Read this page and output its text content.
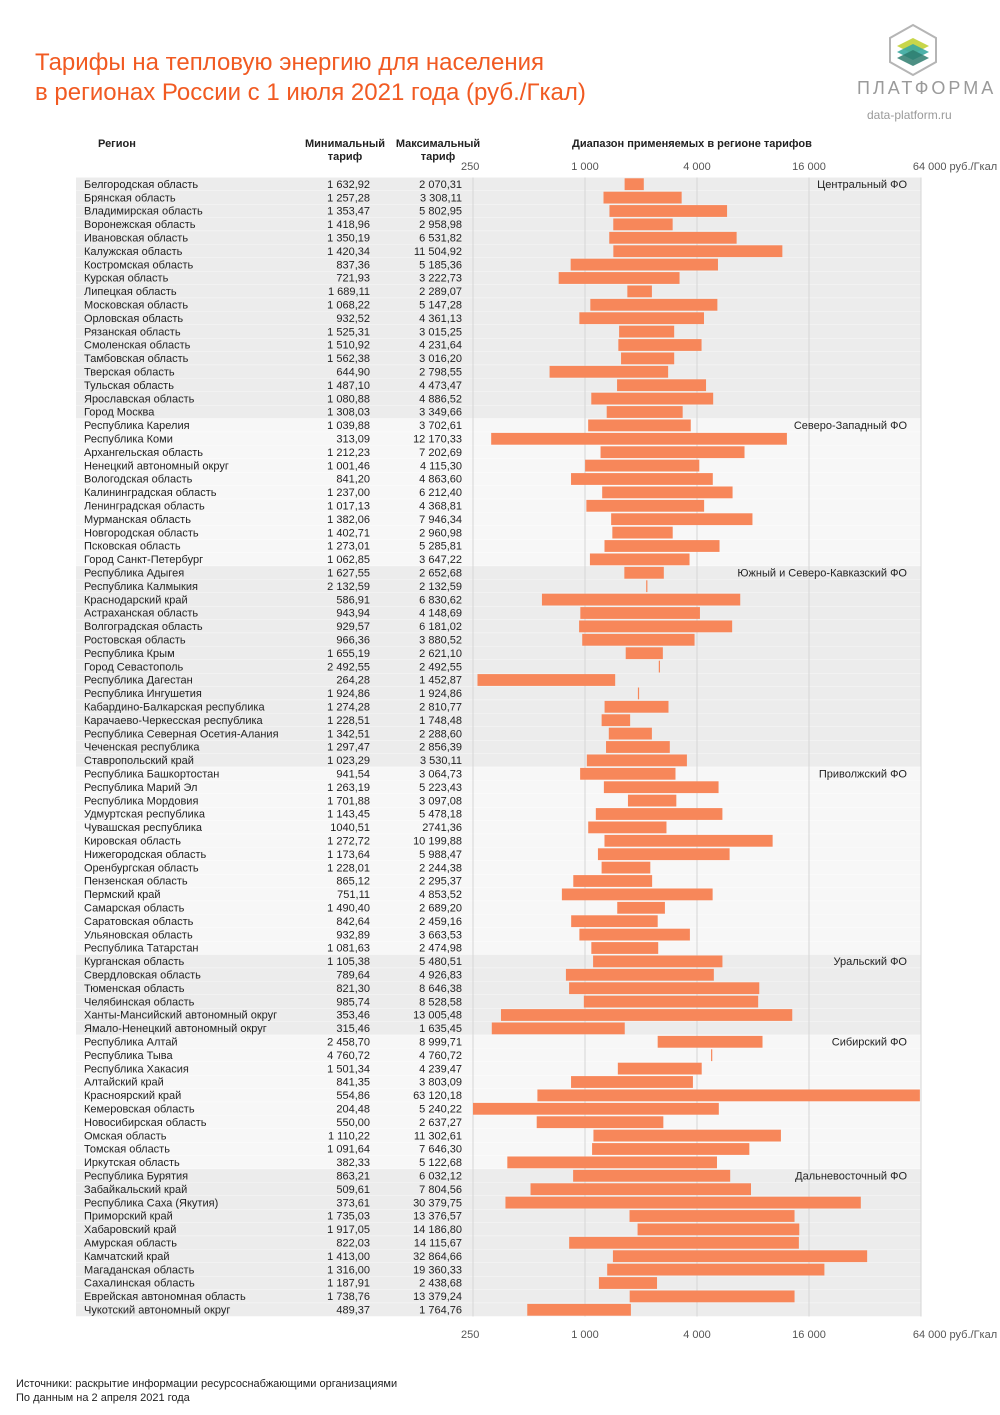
Тарифы на тепловую энергию для населения
в регионах России с 1 июля 2021 года (руб./Гкал)	ПЛАТФОРМА
data-platform.ru
Регион	Минимальный
тариф
Максимальный
тариф
Диапазон применяемых в регионе тарифов
250
250
1 000
1 000
4 000
4 000
16 000
16 000
64 000 руб./Гкал
64 000 руб./Гкал
Белгородская область	1 632,92	2 070,31	Центральный ФО
Брянская область	1 257,28	3 308,11
Владимирская область	1 353,47	5 802,95
Воронежская область	1 418,96	2 958,98
Ивановская область	1 350,19	6 531,82
Калужская область	1 420,34	11 504,92
Костромская область	837,36	5 185,36
Курская область	721,93	3 222,73
Липецкая область	1 689,11	2 289,07
Московская область	1 068,22	5 147,28
Орловская область	932,52	4 361,13
Рязанская область	1 525,31	3 015,25
Смоленская область	1 510,92	4 231,64
Тамбовская область	1 562,38	3 016,20
Тверская область	644,90	2 798,55
Тульская область	1 487,10	4 473,47
Ярославская область	1 080,88	4 886,52
Город Москва	1 308,03	3 349,66
Республика Карелия	1 039,88	3 702,61	Северо-Западный ФО
Республика Коми	313,09	12 170,33
Архангельская область	1 212,23	7 202,69
Ненецкий автономный округ	1 001,46	4 115,30
Вологодская область	841,20	4 863,60
Калининградская область	1 237,00	6 212,40
Ленинградская область	1 017,13	4 368,81
Мурманская область	1 382,06	7 946,34
Новгородская область	1 402,71	2 960,98
Псковская область	1 273,01	5 285,81
Город Санкт-Петербург	1 062,85	3 647,22
Республика Адыгея	1 627,55	2 652,68	Южный и Северо-Кавказский ФО
Республика Калмыкия	2 132,59	2 132,59
Краснодарский край	586,91	6 830,62
Астраханская область	943,94	4 148,69
Волгоградская область	929,57	6 181,02
Ростовская область	966,36	3 880,52
Республика Крым	1 655,19	2 621,10
Город Севастополь	2 492,55	2 492,55
Республика Дагестан	264,28	1 452,87
Республика Ингушетия	1 924,86	1 924,86
Кабардино-Балкарская республика	1 274,28	2 810,77
Карачаево-Черкесская республика	1 228,51	1 748,48
Республика Северная Осетия-Алания	1 342,51	2 288,60
Чеченская республика	1 297,47	2 856,39
Ставропольский край	1 023,29	3 530,11
Республика Башкортостан	941,54	3 064,73	Приволжский ФО
Республика Марий Эл	1 263,19	5 223,43
Республика Мордовия	1 701,88	3 097,08
Удмуртская республика	1 143,45	5 478,18
Чувашская республика	1040,51	2741,36
Кировская область	1 272,72	10 199,88
Нижегородская область	1 173,64	5 988,47
Оренбургская область	1 228,01	2 244,38
Пензенская область	865,12	2 295,37
Пермский край	751,11	4 853,52
Самарская область	1 490,40	2 689,20
Саратовская область	842,64	2 459,16
Ульяновская область	932,89	3 663,53
Республика Татарстан	1 081,63	2 474,98
Курганская область	1 105,38	5 480,51	Уральский ФО
Свердловская область	789,64	4 926,83
Тюменская область	821,30	8 646,38
Челябинская область	985,74	8 528,58
Ханты-Мансийский автономный округ	353,46	13 005,48
Ямало-Ненецкий автономный округ	315,46	1 635,45
Республика Алтай	2 458,70	8 999,71	Сибирский ФО
Республика Тыва	4 760,72	4 760,72
Республика Хакасия	1 501,34	4 239,47
Алтайский край	841,35	3 803,09
Красноярский край	554,86	63 120,18
Кемеровская область	204,48	5 240,22
Новосибирская область	550,00	2 637,27
Омская область	1 110,22	11 302,61
Томская область	1 091,64	7 646,30
Иркутская область	382,33	5 122,68
Республика Бурятия	863,21	6 032,12	Дальневосточный ФО
Забайкальский край	509,61	7 804,56
Республика Саха (Якутия)	373,61	30 379,75
Приморский край	1 735,03	13 376,57
Хабаровский край	1 917,05	14 186,80
Амурская область	822,03	14 115,67
Камчатский край	1 413,00	32 864,66
Магаданская область	1 316,00	19 360,33
Сахалинская область	1 187,91	2 438,68
Еврейская автономная область	1 738,76	13 379,24
Чукотский автономный округ	489,37	1 764,76
Источники: раскрытие информации ресурсоснабжающими организациями
По данным на 2 апреля 2021 года
